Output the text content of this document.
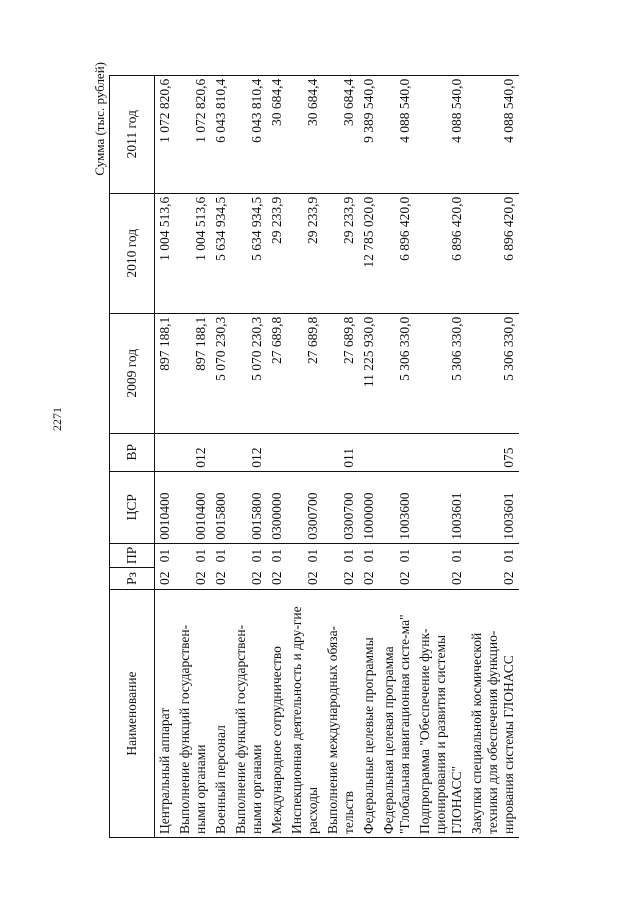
2271
Сумма (тыс. рублей)
Наименование	Рз	ПР	ЦСР	ВР	2009 год	2010 год	2011 год
Центральный аппарат	02	01	0010400		897 188,1	1 004 513,6	1 072 820,6
Выполнение функций государствен-ными органами	02	01	0010400	012	897 188,1	1 004 513,6	1 072 820,6
Военный персонал	02	01	0015800		5 070 230,3	5 634 934,5	6 043 810,4
Выполнение функций государствен-ными органами	02	01	0015800	012	5 070 230,3	5 634 934,5	6 043 810,4
Международное сотрудничество	02	01	0300000		27 689,8	29 233,9	30 684,4
Инспекционная деятельность и дру-гие расходы	02	01	0300700		27 689,8	29 233,9	30 684,4
Выполнение международных обяза-тельств	02	01	0300700	011	27 689,8	29 233,9	30 684,4
Федеральные целевые программы	02	01	1000000		11 225 930,0	12 785 020,0	9 389 540,0
Федеральная целевая программа "Глобальная навигационная систе-ма"	02	01	1003600		5 306 330,0	6 896 420,0	4 088 540,0
Подпрограмма "Обеспечение функ-ционирования и развития системы ГЛОНАСС"	02	01	1003601		5 306 330,0	6 896 420,0	4 088 540,0
Закупки специальной космической техники для обеспечения функцио-нирования системы ГЛОНАСС	02	01	1003601	075	5 306 330,0	6 896 420,0	4 088 540,0
